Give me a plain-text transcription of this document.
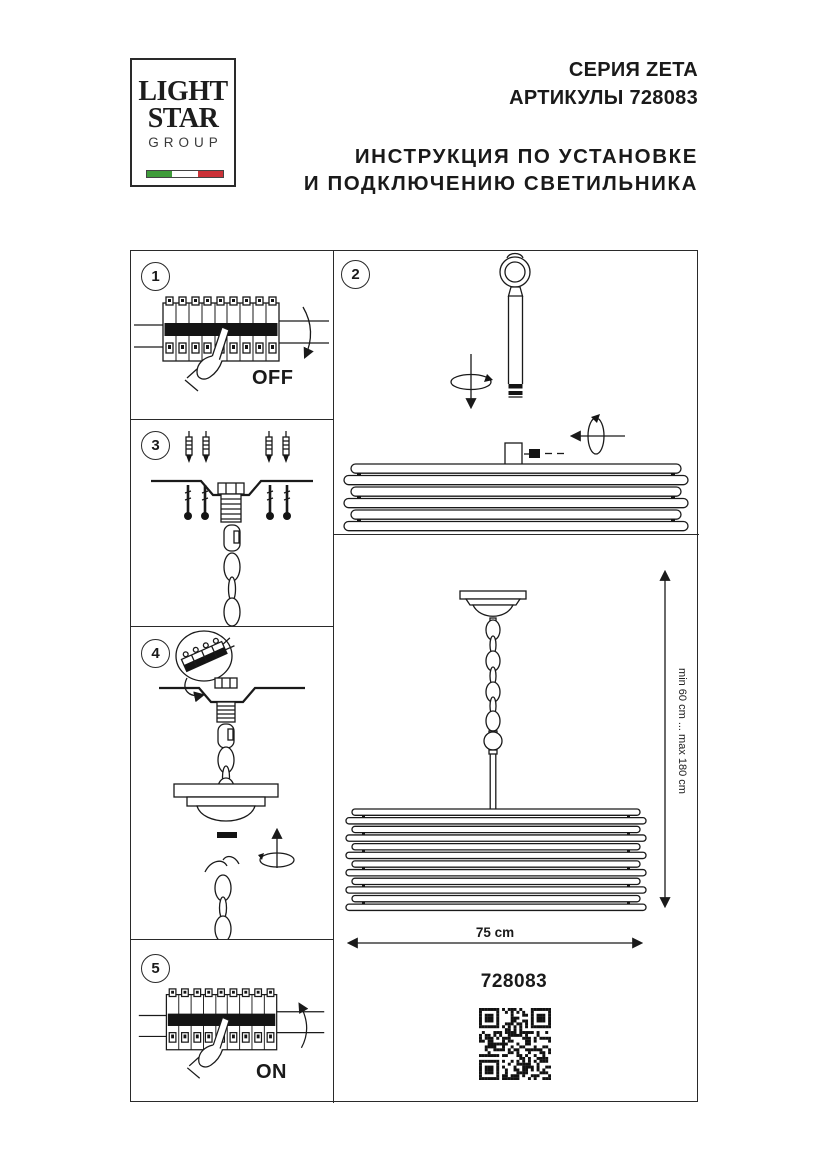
LIGHT
STAR
GROUP
СЕРИЯ ZETA
АРТИКУЛЫ 728083
ИНСТРУКЦИЯ ПО УСТАНОВКЕ
И ПОДКЛЮЧЕНИЮ СВЕТИЛЬНИКА
1
OFF
3
4
5
ON
2
min 60 cm ... max 180 cm
75 cm
728083
